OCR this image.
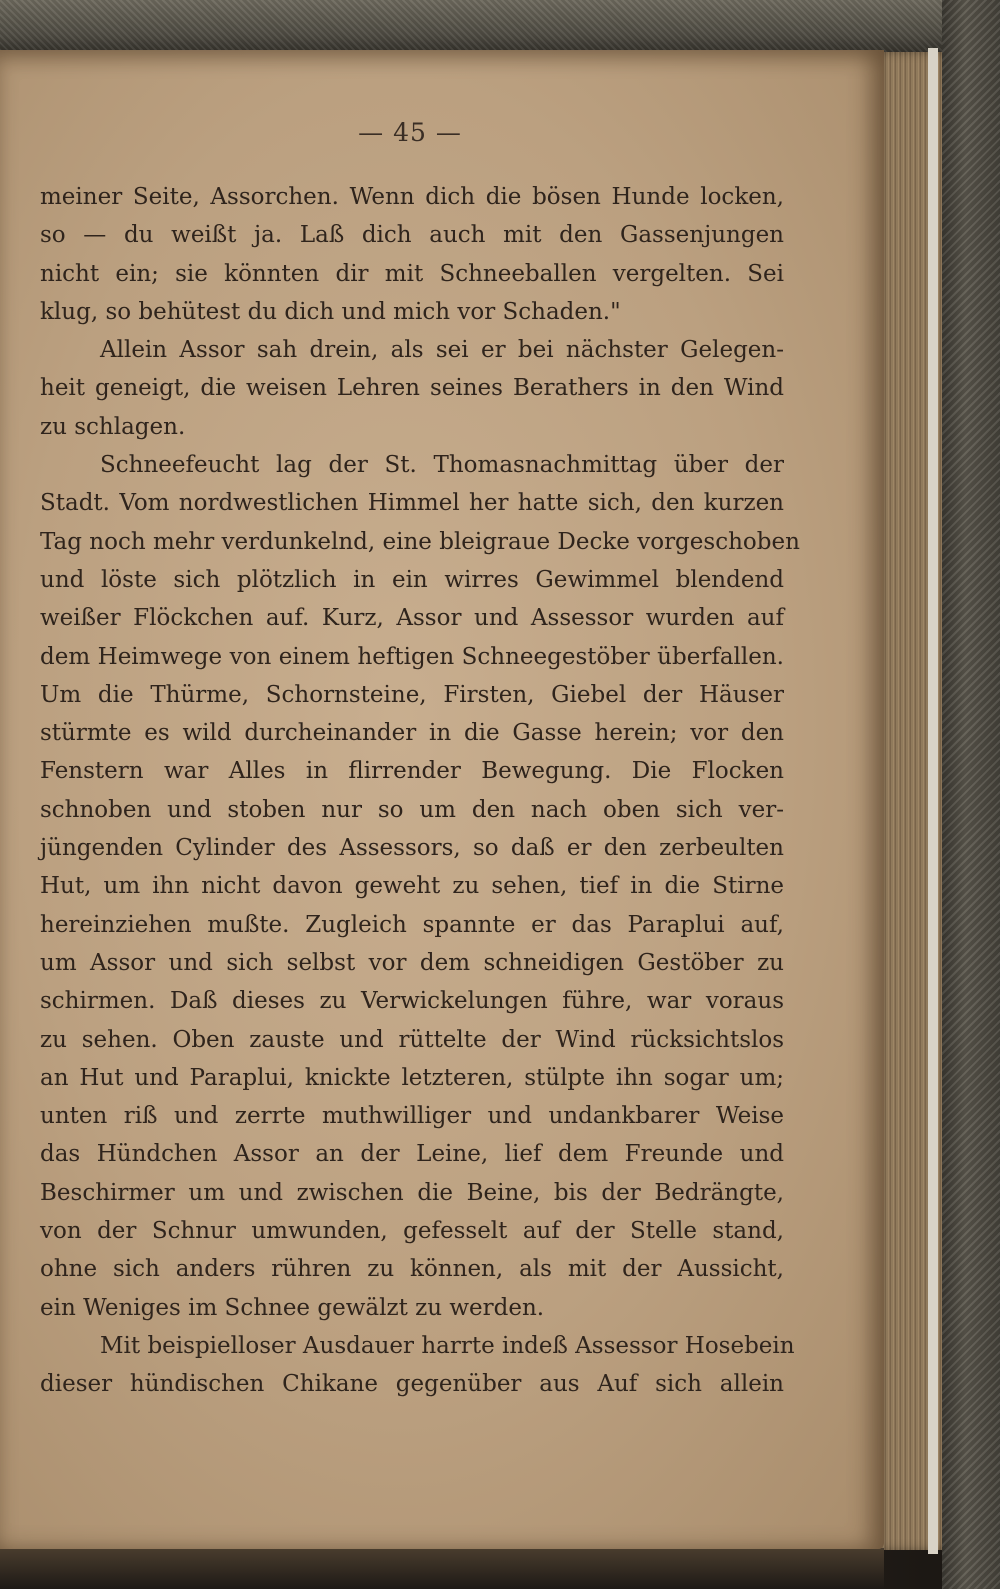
— 45 —
meiner Seite, Assorchen. Wenn dich die bösen Hunde locken,
so — du weißt ja. Laß dich auch mit den Gassenjungen
nicht ein; sie könnten dir mit Schneeballen vergelten. Sei
klug, so behütest du dich und mich vor Schaden."
Allein Assor sah drein, als sei er bei nächster Gelegen-
heit geneigt, die weisen Lehren seines Berathers in den Wind
zu schlagen.
Schneefeucht lag der St. Thomasnachmittag über der
Stadt. Vom nordwestlichen Himmel her hatte sich, den kurzen
Tag noch mehr verdunkelnd, eine bleigraue Decke vorgeschoben
und löste sich plötzlich in ein wirres Gewimmel blendend
weißer Flöckchen auf. Kurz, Assor und Assessor wurden auf
dem Heimwege von einem heftigen Schneegestöber überfallen.
Um die Thürme, Schornsteine, Firsten, Giebel der Häuser
stürmte es wild durcheinander in die Gasse herein; vor den
Fenstern war Alles in flirrender Bewegung. Die Flocken
schnoben und stoben nur so um den nach oben sich ver-
jüngenden Cylinder des Assessors, so daß er den zerbeulten
Hut, um ihn nicht davon geweht zu sehen, tief in die Stirne
hereinziehen mußte. Zugleich spannte er das Paraplui auf,
um Assor und sich selbst vor dem schneidigen Gestöber zu
schirmen. Daß dieses zu Verwickelungen führe, war voraus
zu sehen. Oben zauste und rüttelte der Wind rücksichtslos
an Hut und Paraplui, knickte letzteren, stülpte ihn sogar um;
unten riß und zerrte muthwilliger und undankbarer Weise
das Hündchen Assor an der Leine, lief dem Freunde und
Beschirmer um und zwischen die Beine, bis der Bedrängte,
von der Schnur umwunden, gefesselt auf der Stelle stand,
ohne sich anders rühren zu können, als mit der Aussicht,
ein Weniges im Schnee gewälzt zu werden.
Mit beispielloser Ausdauer harrte indeß Assessor Hosebein
dieser hündischen Chikane gegenüber aus Auf sich allein
